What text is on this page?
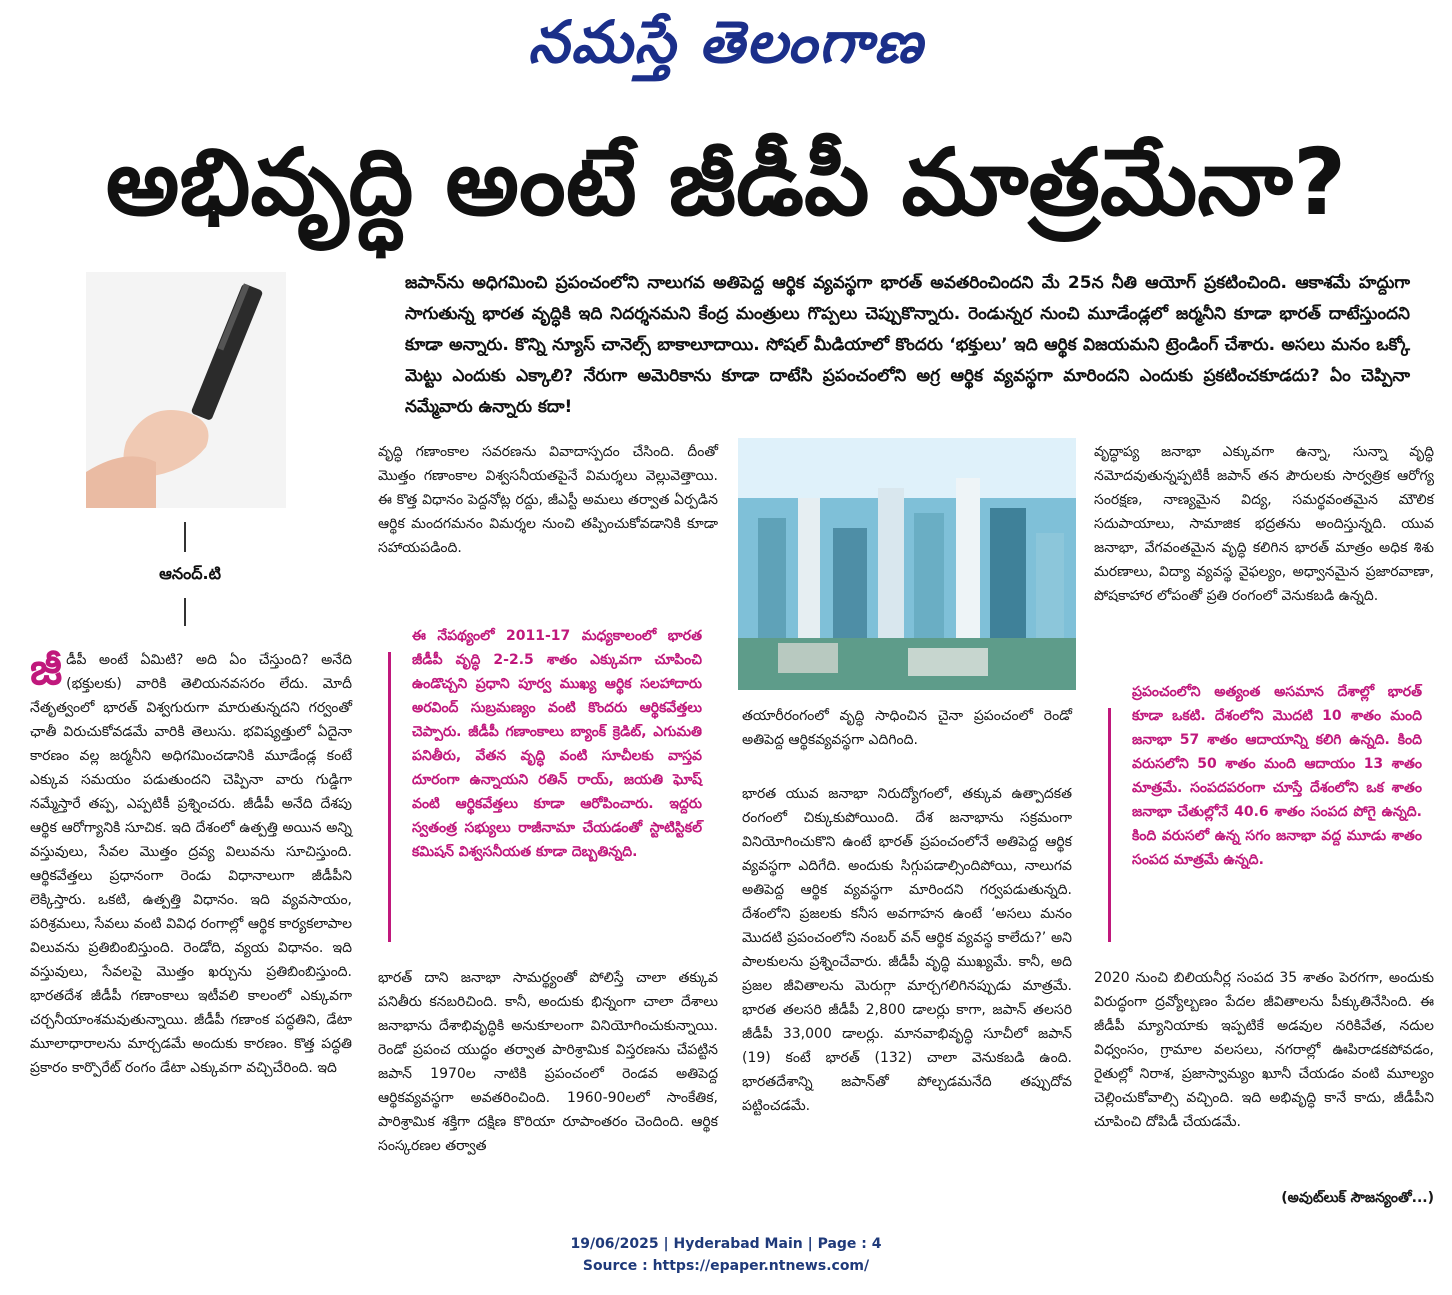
నమస్తే తెలంగాణ
అభివృద్ధి అంటే జీడీపీ మాత్రమేనా?
ఆనంద్.టి
జపాన్‌ను అధిగమించి ప్రపంచంలోని నాలుగవ అతిపెద్ద ఆర్థిక వ్యవస్థగా భారత్ అవతరించిందని మే 25న నీతి ఆయోగ్ ప్రకటించింది. ఆకాశమే హద్దుగా సాగుతున్న భారత వృద్ధికి ఇది నిదర్శనమని కేంద్ర మంత్రులు గొప్పలు చెప్పుకొన్నారు. రెండున్నర నుంచి మూడేండ్లలో జర్మనీని కూడా భారత్ దాటేస్తుందని కూడా అన్నారు. కొన్ని న్యూస్ చానెల్స్ బాకాలూదాయి. సోషల్ మీడియాలో కొందరు ‘భక్తులు’ ఇది ఆర్థిక విజయమని ట్రెండింగ్ చేశారు. అసలు మనం ఒక్కో మెట్టు ఎందుకు ఎక్కాలి? నేరుగా అమెరికాను కూడా దాటేసి ప్రపంచంలోని అగ్ర ఆర్థిక వ్యవస్థగా మారిందని ఎందుకు ప్రకటించకూడదు? ఏం చెప్పినా నమ్మేవారు ఉన్నారు కదా!
జీడీపీ అంటే ఏమిటి? అది ఏం చేస్తుంది? అనేది (భక్తులకు) వారికి తెలియనవసరం లేదు. మోదీ నేతృత్వంలో భారత్ విశ్వగురుగా మారుతున్నదని గర్వంతో ఛాతీ విరుచుకోవడమే వారికి తెలుసు. భవిష్యత్తులో ఏదైనా కారణం వల్ల జర్మనీని అధిగమించడానికి మూడేండ్ల కంటే ఎక్కువ సమయం పడుతుందని చెప్పినా వారు గుడ్డిగా నమ్మేస్తారే తప్ప, ఎప్పటికీ ప్రశ్నించరు. జీడీపీ అనేది దేశపు ఆర్థిక ఆరోగ్యానికి సూచిక. ఇది దేశంలో ఉత్పత్తి అయిన అన్ని వస్తువులు, సేవల మొత్తం ద్రవ్య విలువను సూచిస్తుంది. ఆర్థికవేత్తలు ప్రధానంగా రెండు విధానాలుగా జీడీపీని లెక్కిస్తారు. ఒకటి, ఉత్పత్తి విధానం. ఇది వ్యవసాయం, పరిశ్రమలు, సేవలు వంటి వివిధ రంగాల్లో ఆర్థిక కార్యకలాపాల విలువను ప్రతిబింబిస్తుంది. రెండోది, వ్యయ విధానం. ఇది వస్తువులు, సేవలపై మొత్తం ఖర్చును ప్రతిబింబిస్తుంది. భారతదేశ జీడీపీ గణాంకాలు ఇటీవలి కాలంలో ఎక్కువగా చర్చనీయాంశమవుతున్నాయి. జీడీపీ గణాంక పద్ధతిని, డేటా మూలాధారాలను మార్చడమే అందుకు కారణం. కొత్త పద్ధతి ప్రకారం కార్పొరేట్ రంగం డేటా ఎక్కువగా వచ్చిచేరింది. ఇది
వృద్ధి గణాంకాల సవరణను వివాదాస్పదం చేసింది. దీంతో మొత్తం గణాంకాల విశ్వసనీయతపైనే విమర్శలు వెల్లువెత్తాయి. ఈ కొత్త విధానం పెద్దనోట్ల రద్దు, జీఎస్టీ అమలు తర్వాత ఏర్పడిన ఆర్థిక మందగమనం విమర్శల నుంచి తప్పించుకోవడానికి కూడా సహాయపడింది.
ఈ నేపథ్యంలో 2011-17 మధ్యకాలంలో భారత జీడీపీ వృద్ధి 2-2.5 శాతం ఎక్కువగా చూపించి ఉండొచ్చని ప్రధాని పూర్వ ముఖ్య ఆర్థిక సలహాదారు అరవింద్ సుబ్రమణ్యం వంటి కొందరు ఆర్థికవేత్తలు చెప్పారు. జీడీపీ గణాంకాలు బ్యాంక్ క్రెడిట్, ఎగుమతి పనితీరు, వేతన వృద్ధి వంటి సూచీలకు వాస్తవ దూరంగా ఉన్నాయని రతిన్ రాయ్, జయతి ఘోష్ వంటి ఆర్థికవేత్తలు కూడా ఆరోపించారు. ఇద్దరు స్వతంత్ర సభ్యులు రాజీనామా చేయడంతో స్టాటిస్టికల్ కమిషన్ విశ్వసనీయత కూడా దెబ్బతిన్నది.
భారత్ దాని జనాభా సామర్థ్యంతో పోలిస్తే చాలా తక్కువ పనితీరు కనబరిచింది. కానీ, అందుకు భిన్నంగా చాలా దేశాలు జనాభాను దేశాభివృద్ధికి అనుకూలంగా వినియోగించుకున్నాయి. రెండో ప్రపంచ యుద్ధం తర్వాత పారిశ్రామిక విస్తరణను చేపట్టిన జపాన్ 1970ల నాటికి ప్రపంచంలో రెండవ అతిపెద్ద ఆర్థికవ్యవస్థగా అవతరించింది. 1960-90లలో సాంకేతిక, పారిశ్రామిక శక్తిగా దక్షిణ కొరియా రూపాంతరం చెందింది. ఆర్థిక సంస్కరణల తర్వాత
తయారీరంగంలో వృద్ధి సాధించిన చైనా ప్రపంచంలో రెండో అతిపెద్ద ఆర్థికవ్యవస్థగా ఎదిగింది.
భారత యువ జనాభా నిరుద్యోగంలో, తక్కువ ఉత్పాదకత రంగంలో చిక్కుకుపోయింది. దేశ జనాభాను సక్రమంగా వినియోగించుకొని ఉంటే భారత్ ప్రపంచంలోనే అతిపెద్ద ఆర్థిక వ్యవస్థగా ఎదిగేది. అందుకు సిగ్గుపడాల్సిందిపోయి, నాలుగవ అతిపెద్ద ఆర్థిక వ్యవస్థగా మారిందని గర్వపడుతున్నది. దేశంలోని ప్రజలకు కనీస అవగాహన ఉంటే ‘అసలు మనం మొదటి ప్రపంచంలోని నంబర్ వన్ ఆర్థిక వ్యవస్థ కాలేదు?’ అని పాలకులను ప్రశ్నించేవారు. జీడీపీ వృద్ధి ముఖ్యమే. కానీ, అది ప్రజల జీవితాలను మెరుగ్గా మార్చగలిగినప్పుడు మాత్రమే. భారత తలసరి జీడీపీ 2,800 డాలర్లు కాగా, జపాన్ తలసరి జీడీపీ 33,000 డాలర్లు. మానవాభివృద్ధి సూచీలో జపాన్ (19) కంటే భారత్ (132) చాలా వెనుకబడి ఉంది. భారతదేశాన్ని జపాన్‌తో పోల్చడమనేది తప్పుదోవ పట్టించడమే.
వృద్ధాప్య జనాభా ఎక్కువగా ఉన్నా, సున్నా వృద్ధి నమోదవుతున్నప్పటికీ జపాన్ తన పౌరులకు సార్వత్రిక ఆరోగ్య సంరక్షణ, నాణ్యమైన విద్య, సమర్థవంతమైన మౌలిక సదుపాయాలు, సామాజిక భద్రతను అందిస్తున్నది. యువ జనాభా, వేగవంతమైన వృద్ధి కలిగిన భారత్ మాత్రం అధిక శిశు మరణాలు, విద్యా వ్యవస్థ వైఫల్యం, అధ్వానమైన ప్రజారవాణా, పోషకాహార లోపంతో ప్రతి రంగంలో వెనుకబడి ఉన్నది.
ప్రపంచంలోని అత్యంత అసమాన దేశాల్లో భారత్ కూడా ఒకటి. దేశంలోని మొదటి 10 శాతం మంది జనాభా 57 శాతం ఆదాయాన్ని కలిగి ఉన్నది. కింది వరుసలోని 50 శాతం మంది ఆదాయం 13 శాతం మాత్రమే. సంపదపరంగా చూస్తే దేశంలోని ఒక శాతం జనాభా చేతుల్లోనే 40.6 శాతం సంపద పోగై ఉన్నది. కింది వరుసలో ఉన్న సగం జనాభా వద్ద మూడు శాతం సంపద మాత్రమే ఉన్నది.
2020 నుంచి బిలియనీర్ల సంపద 35 శాతం పెరగగా, అందుకు విరుద్ధంగా ద్రవ్యోల్బణం పేదల జీవితాలను పీక్కుతినేసింది. ఈ జీడీపీ మ్యానియాకు ఇప్పటికే అడవుల నరికివేత, నదుల విధ్వంసం, గ్రామాల వలసలు, నగరాల్లో ఊపిరాడకపోవడం, రైతుల్లో నిరాశ, ప్రజాస్వామ్యం ఖూనీ చేయడం వంటి మూల్యం చెల్లించుకోవాల్సి వచ్చింది. ఇది అభివృద్ధి కానే కాదు, జీడీపీని చూపించి దోపిడీ చేయడమే.
(అవుట్‌లుక్ సౌజన్యంతో...)
19/06/2025 | Hyderabad Main | Page : 4
Source : https://epaper.ntnews.com/
